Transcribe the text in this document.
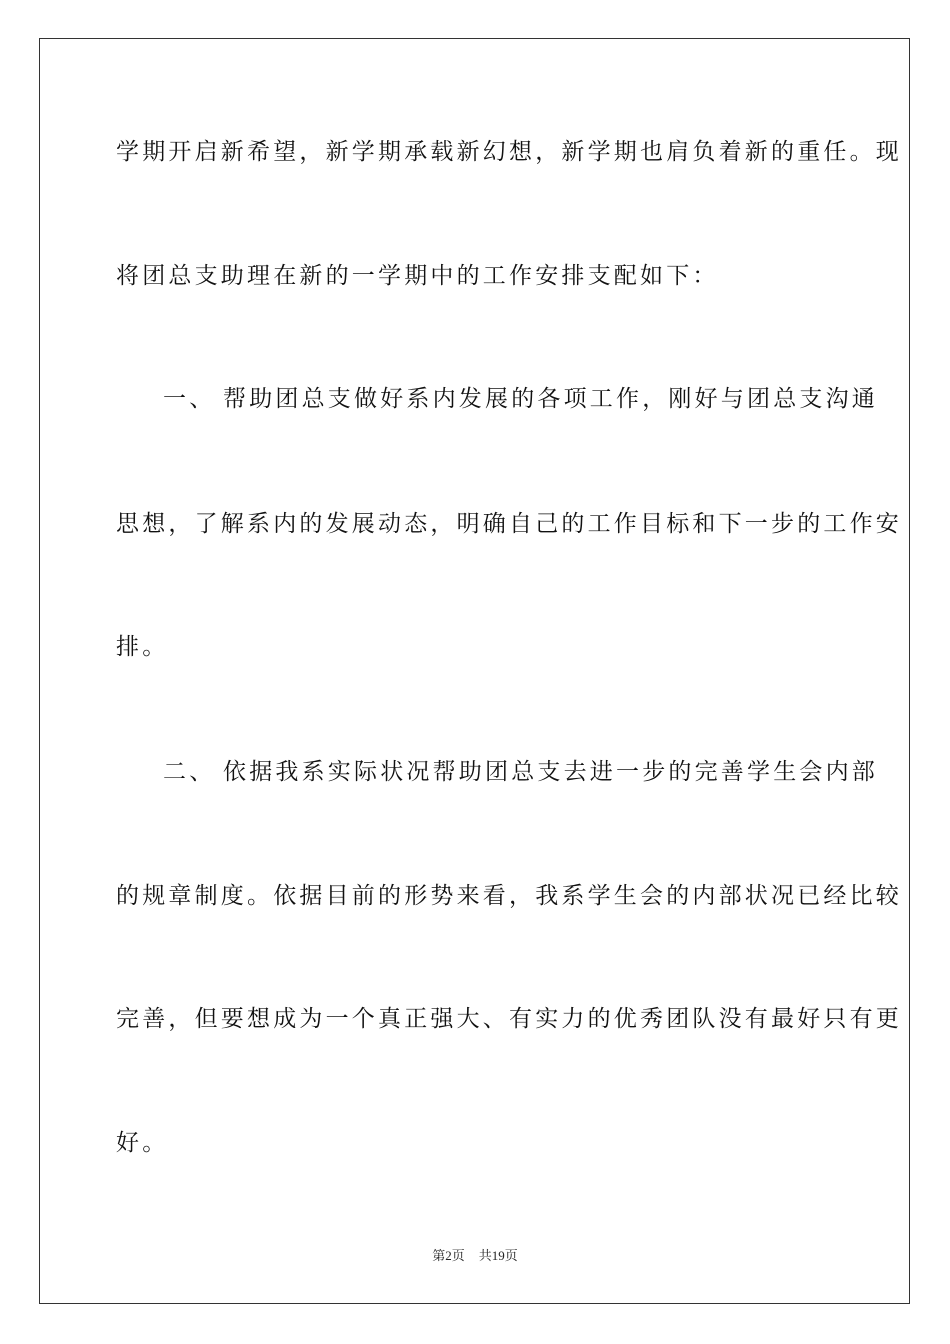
学期开启新希望，新学期承载新幻想，新学期也肩负着新的重任。现
将团总支助理在新的一学期中的工作安排支配如下：
一、 帮助团总支做好系内发展的各项工作，刚好与团总支沟通
思想，了解系内的发展动态，明确自己的工作目标和下一步的工作安
排。
二、 依据我系实际状况帮助团总支去进一步的完善学生会内部
的规章制度。依据目前的形势来看，我系学生会的内部状况已经比较
完善，但要想成为一个真正强大、有实力的优秀团队没有最好只有更
好。
第2页 共19页
